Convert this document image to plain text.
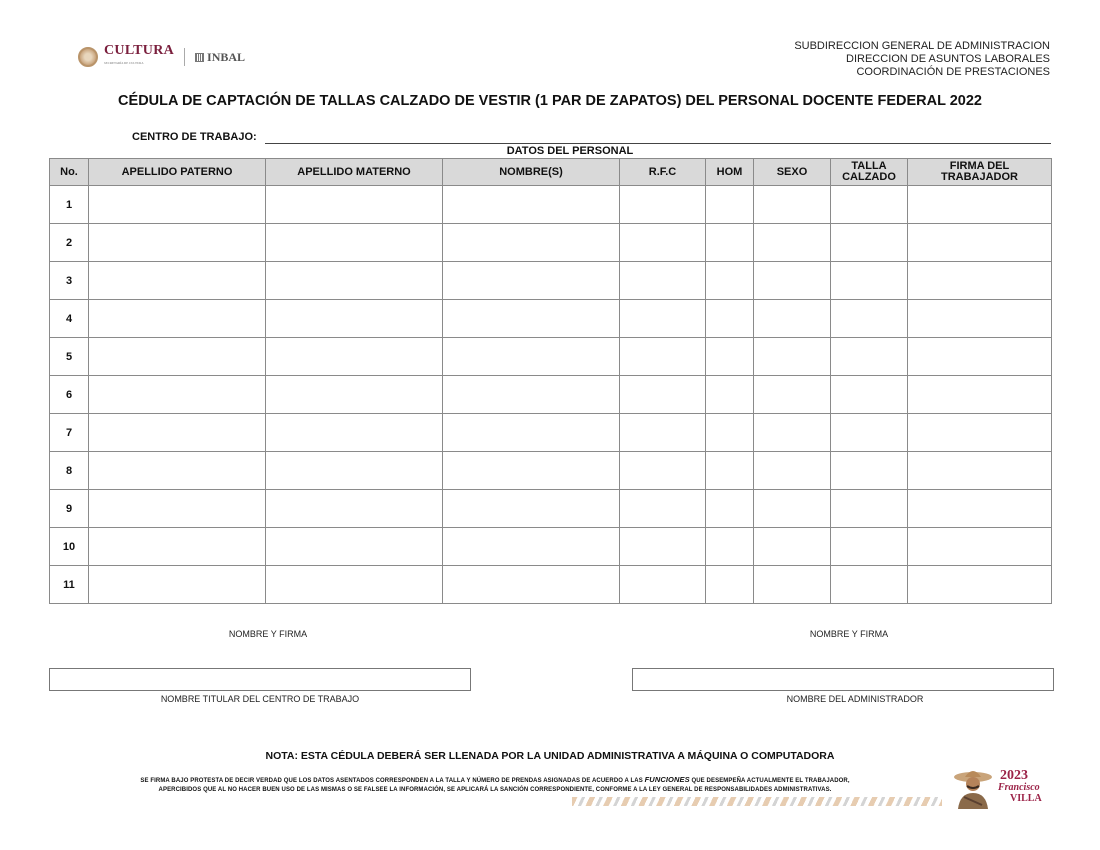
CULTURA
SECRETARÍA DE CULTURA	INBAL
SUBDIRECCION GENERAL DE ADMINISTRACION
DIRECCION DE ASUNTOS LABORALES
COORDINACIÓN DE PRESTACIONES
CÉDULA DE CAPTACIÓN DE TALLAS CALZADO DE VESTIR (1 PAR DE ZAPATOS) DEL PERSONAL DOCENTE FEDERAL 2022
CENTRO DE TRABAJO:
DATOS DEL PERSONAL
No.	APELLIDO PATERNO	APELLIDO MATERNO	NOMBRE(S)	R.F.C	HOM	SEXO	TALLA CALZADO	FIRMA DEL TRABAJADOR
1								
2								
3								
4								
5								
6								
7								
8								
9								
10								
11								
NOMBRE Y FIRMA	NOMBRE Y FIRMA
NOMBRE TITULAR DEL CENTRO DE TRABAJO	NOMBRE DEL ADMINISTRADOR
NOTA: ESTA CÉDULA DEBERÁ SER LLENADA POR LA UNIDAD ADMINISTRATIVA A MÁQUINA O COMPUTADORA
SE FIRMA BAJO PROTESTA DE DECIR VERDAD QUE LOS DATOS ASENTADOS CORRESPONDEN A LA TALLA Y NÚMERO DE PRENDAS ASIGNADAS DE ACUERDO A LAS FUNCIONES QUE DESEMPEÑA ACTUALMENTE EL TRABAJADOR,
APERCIBIDOS QUE AL NO HACER BUEN USO DE LAS MISMAS O SE FALSEE LA INFORMACIÓN, SE APLICARÁ LA SANCIÓN CORRESPONDIENTE, CONFORME A LA LEY GENERAL DE RESPONSABILIDADES ADMINISTRATIVAS.
2023
Francisco
VILLA
